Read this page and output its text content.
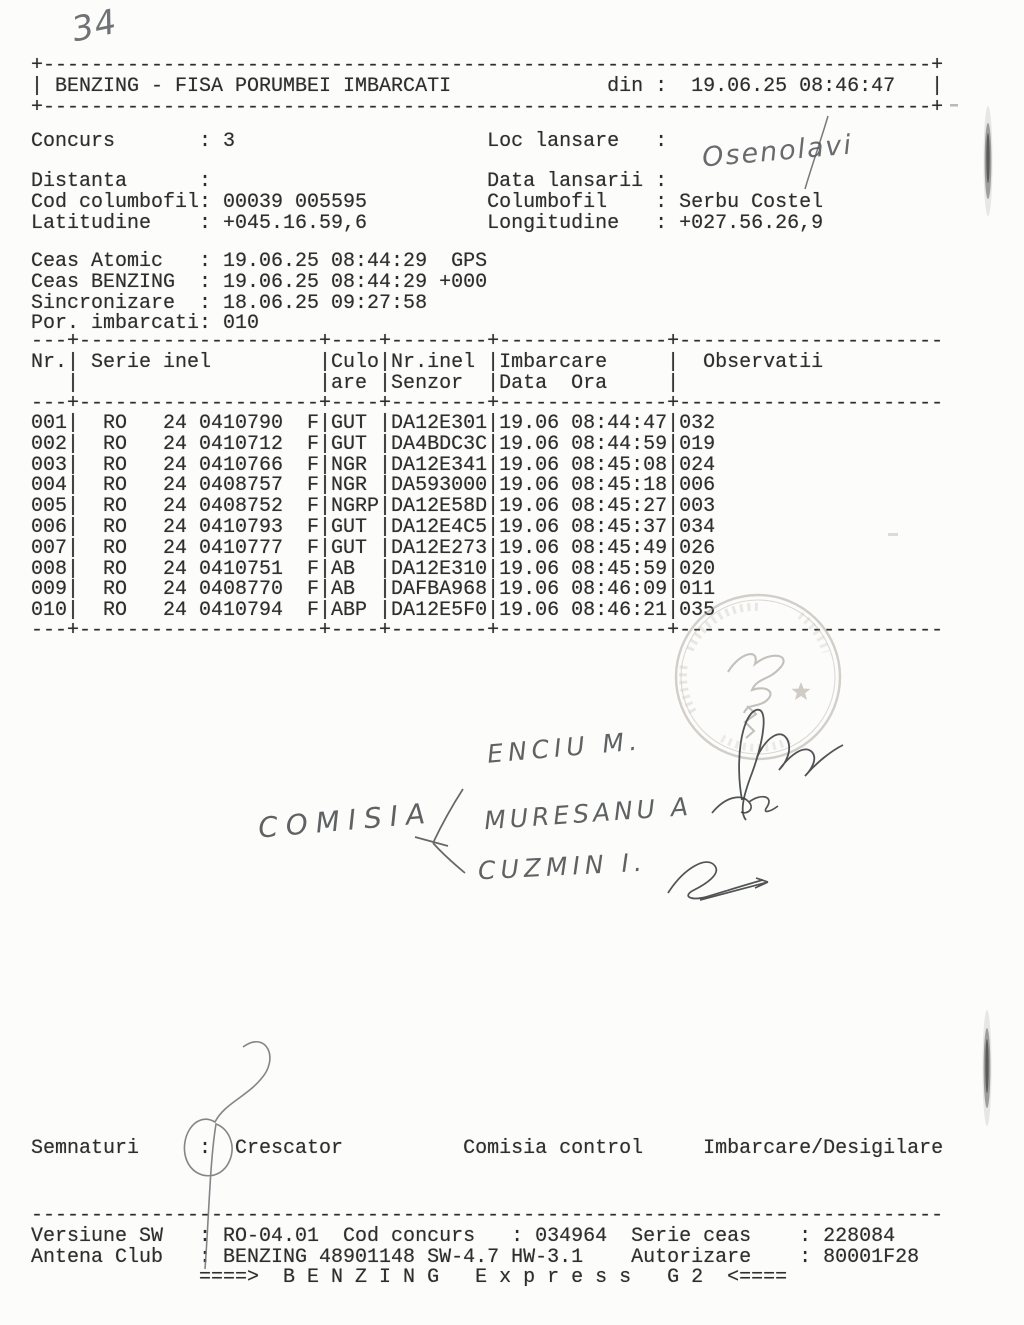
34
+--------------------------------------------------------------------------+
| BENZING - FISA PORUMBEI IMBARCATI             din :  19.06.25 08:46:47   |
+--------------------------------------------------------------------------+
Concurs       : 3                     Loc lansare   :
Distanta      :                       Data lansarii :
Cod columbofil: 00039 005595          Columbofil    : Serbu Costel
Latitudine    : +045.16.59,6          Longitudine   : +027.56.26,9
Ceas Atomic   : 19.06.25 08:44:29  GPS
Ceas BENZING  : 19.06.25 08:44:29 +000
Sincronizare  : 18.06.25 09:27:58
Por. imbarcati: 010
---+--------------------+----+--------+--------------+----------------------
Nr.| Serie inel         |Culo|Nr.inel |Imbarcare     |  Observatii
|                    |are |Senzor  |Data  Ora     |
---+--------------------+----+--------+--------------+----------------------
001|  RO   24 0410790  F|GUT |DA12E301|19.06 08:44:47|032
002|  RO   24 0410712  F|GUT |DA4BDC3C|19.06 08:44:59|019
003|  RO   24 0410766  F|NGR |DA12E341|19.06 08:45:08|024
004|  RO   24 0408757  F|NGR |DA593000|19.06 08:45:18|006
005|  RO   24 0408752  F|NGRP|DA12E58D|19.06 08:45:27|003
006|  RO   24 0410793  F|GUT |DA12E4C5|19.06 08:45:37|034
007|  RO   24 0410777  F|GUT |DA12E273|19.06 08:45:49|026
008|  RO   24 0410751  F|AB  |DA12E310|19.06 08:45:59|020
009|  RO   24 0408770  F|AB  |DAFBA968|19.06 08:46:09|011
010|  RO   24 0410794  F|ABP |DA12E5F0|19.06 08:46:21|035
---+--------------------+----+--------+--------------+----------------------
Semnaturi     :  Crescator          Comisia control     Imbarcare/Desigilare
----------------------------------------------------------------------------
Versiune SW   : RO-04.01  Cod concurs   : 034964  Serie ceas    : 228084
Antena Club   : BENZING 48901148 SW-4.7 HW-3.1    Autorizare    : 80001F28
====>  B E N Z I N G   E x p r e s s   G 2  <====
Osenolavi
ENCIU M.
MURESANU A
CUZMIN I.
COMISIA
